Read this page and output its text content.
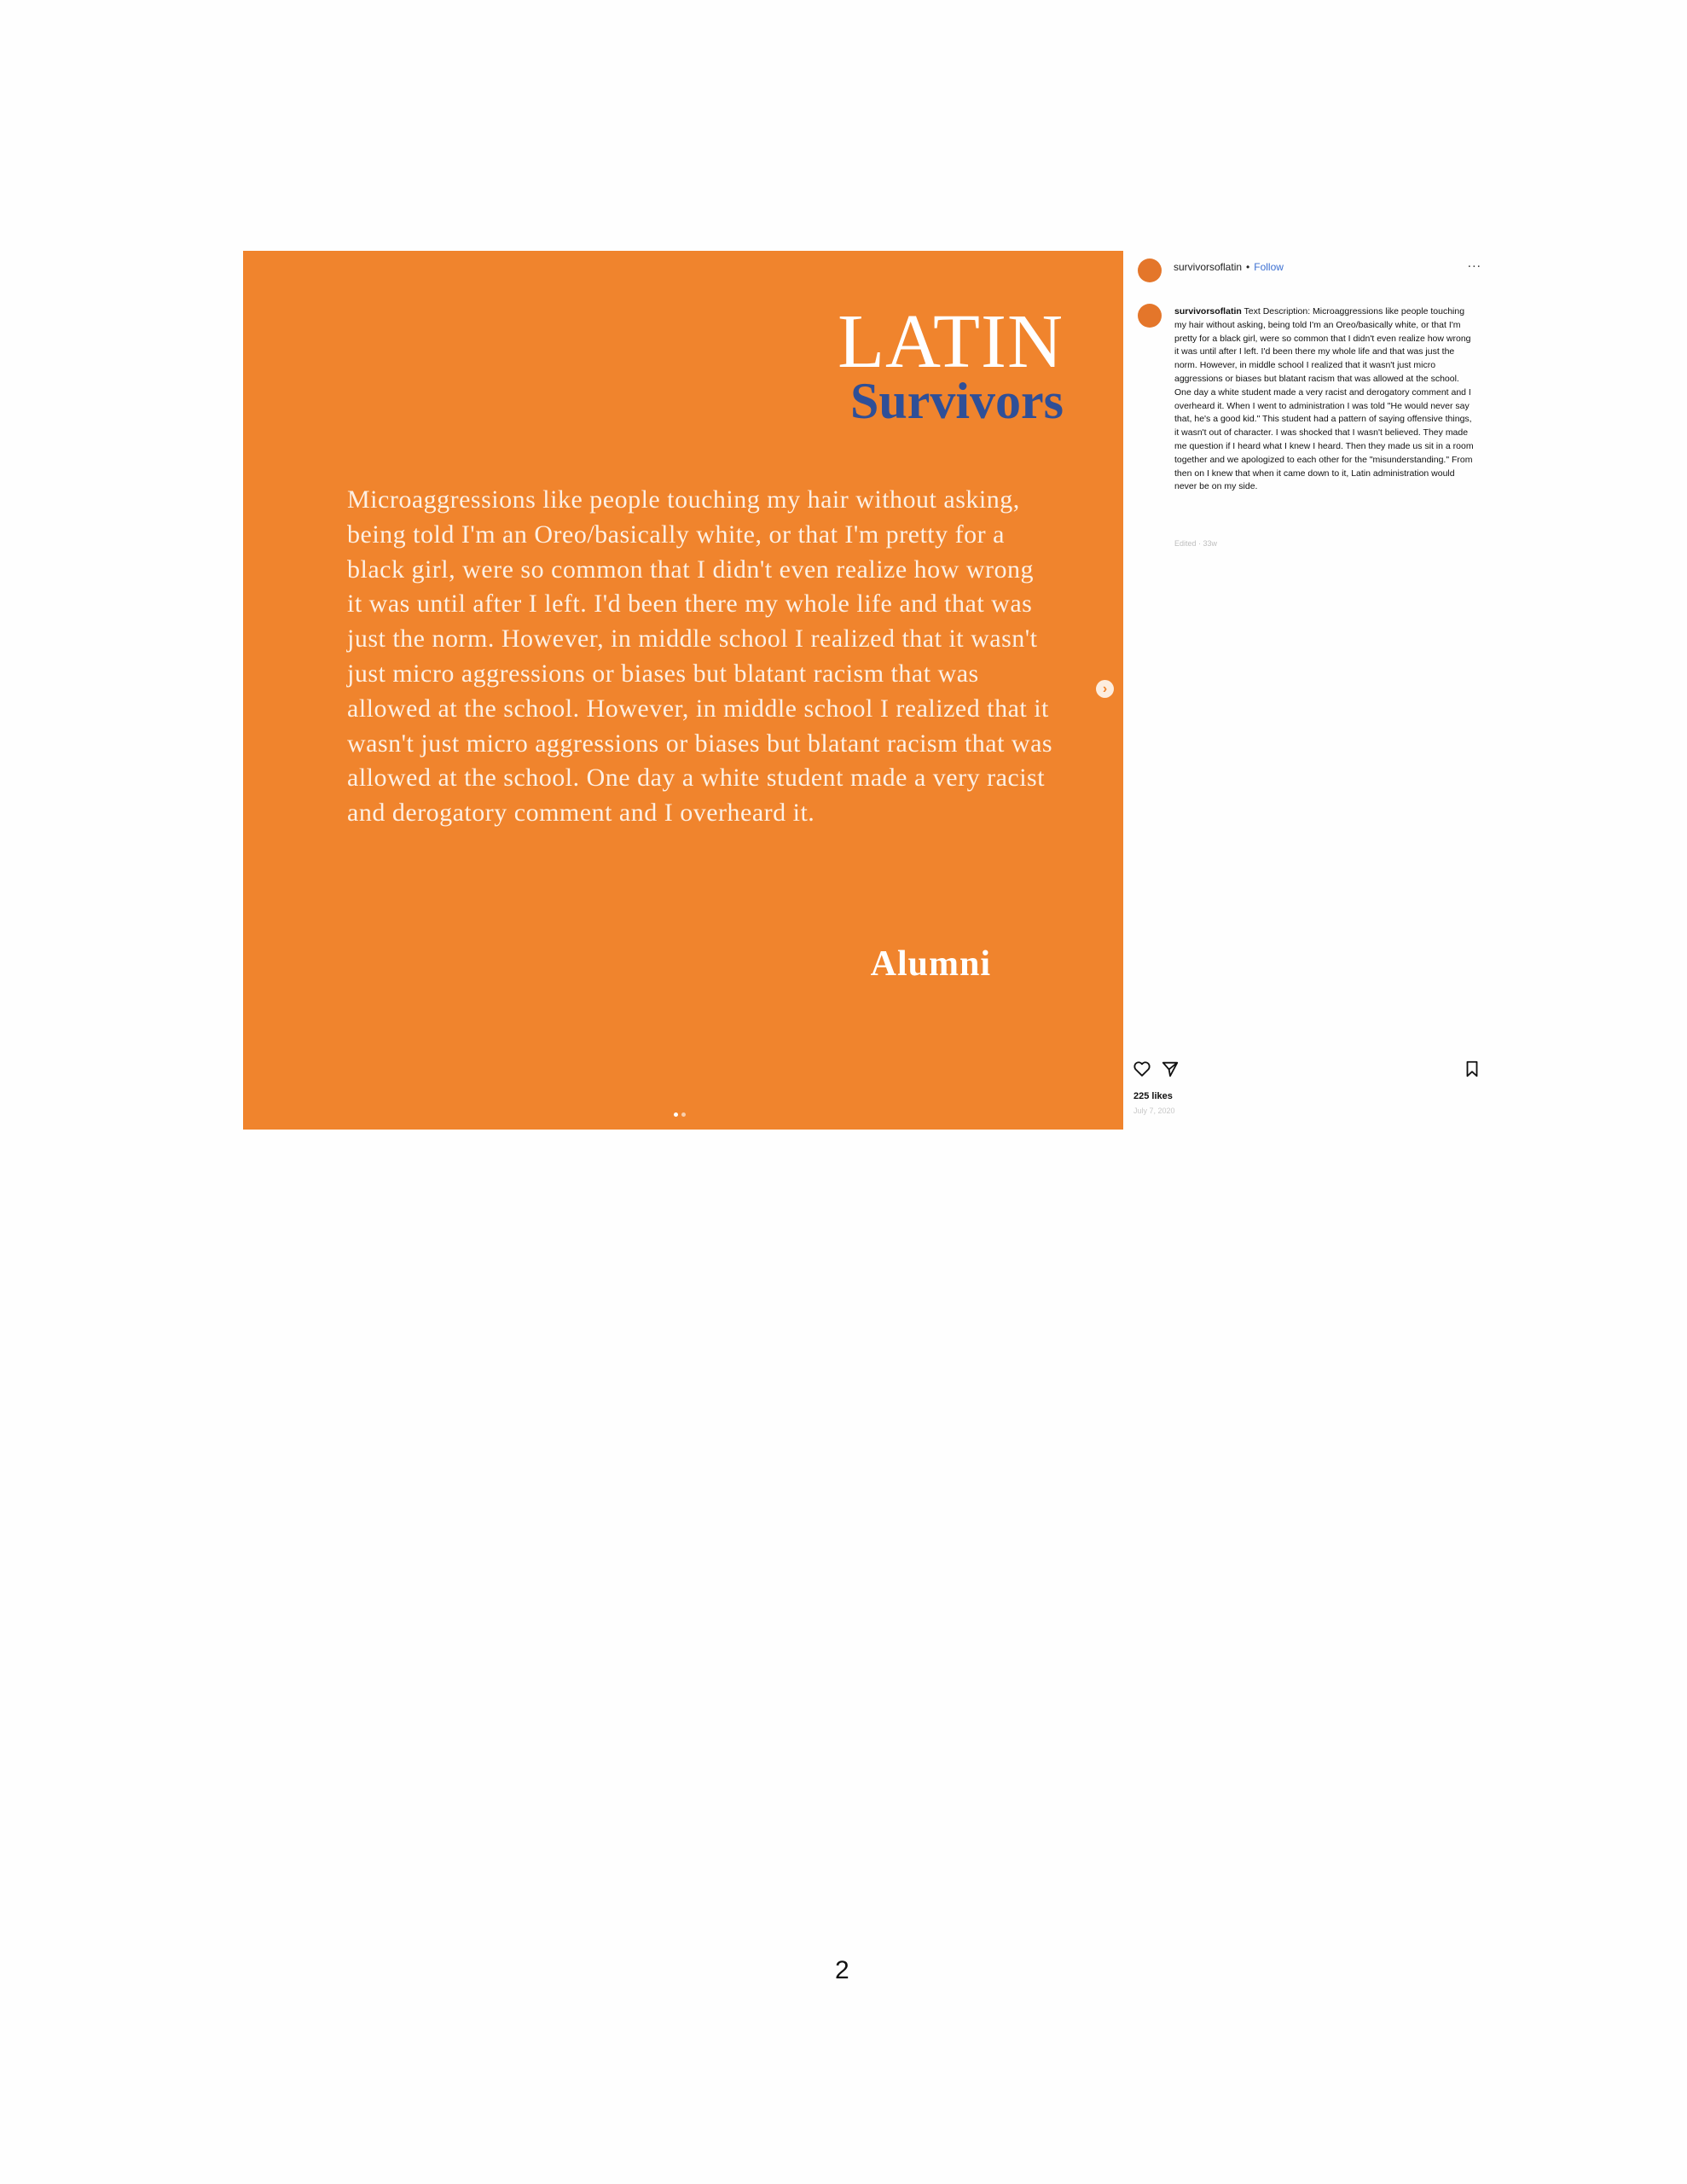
LATIN
Survivors

Microaggressions like people touching my hair without asking, being told I'm an Oreo/basically white, or that I'm pretty for a black girl, were so common that I didn't even realize how wrong it was until after I left. I'd been there my whole life and that was just the norm. However, in middle school I realized that it wasn't just micro aggressions or biases but blatant racism that was allowed at the school. However, in middle school I realized that it wasn't just micro aggressions or biases but blatant racism that was allowed at the school. One day a white student made a very racist and derogatory comment and I overheard it.

Alumni
›
survivorsoflatin • Follow	...

survivorsoflatin Text Description: Microaggressions like people touching my hair without asking, being told I'm an Oreo/basically white, or that I'm pretty for a black girl, were so common that I didn't even realize how wrong it was until after I left. I'd been there my whole life and that was just the norm. However, in middle school I realized that it wasn't just micro aggressions or biases but blatant racism that was allowed at the school. One day a white student made a very racist and derogatory comment and I overheard it. When I went to administration I was told "He would never say that, he's a good kid." This student had a pattern of saying offensive things, it wasn't out of character. I was shocked that I wasn't believed. They made me question if I heard what I knew I heard. Then they made us sit in a room together and we apologized to each other for the "misunderstanding." From then on I knew that when it came down to it, Latin administration would never be on my side.

Edited · 33w
225 likes
July 7, 2020
2
